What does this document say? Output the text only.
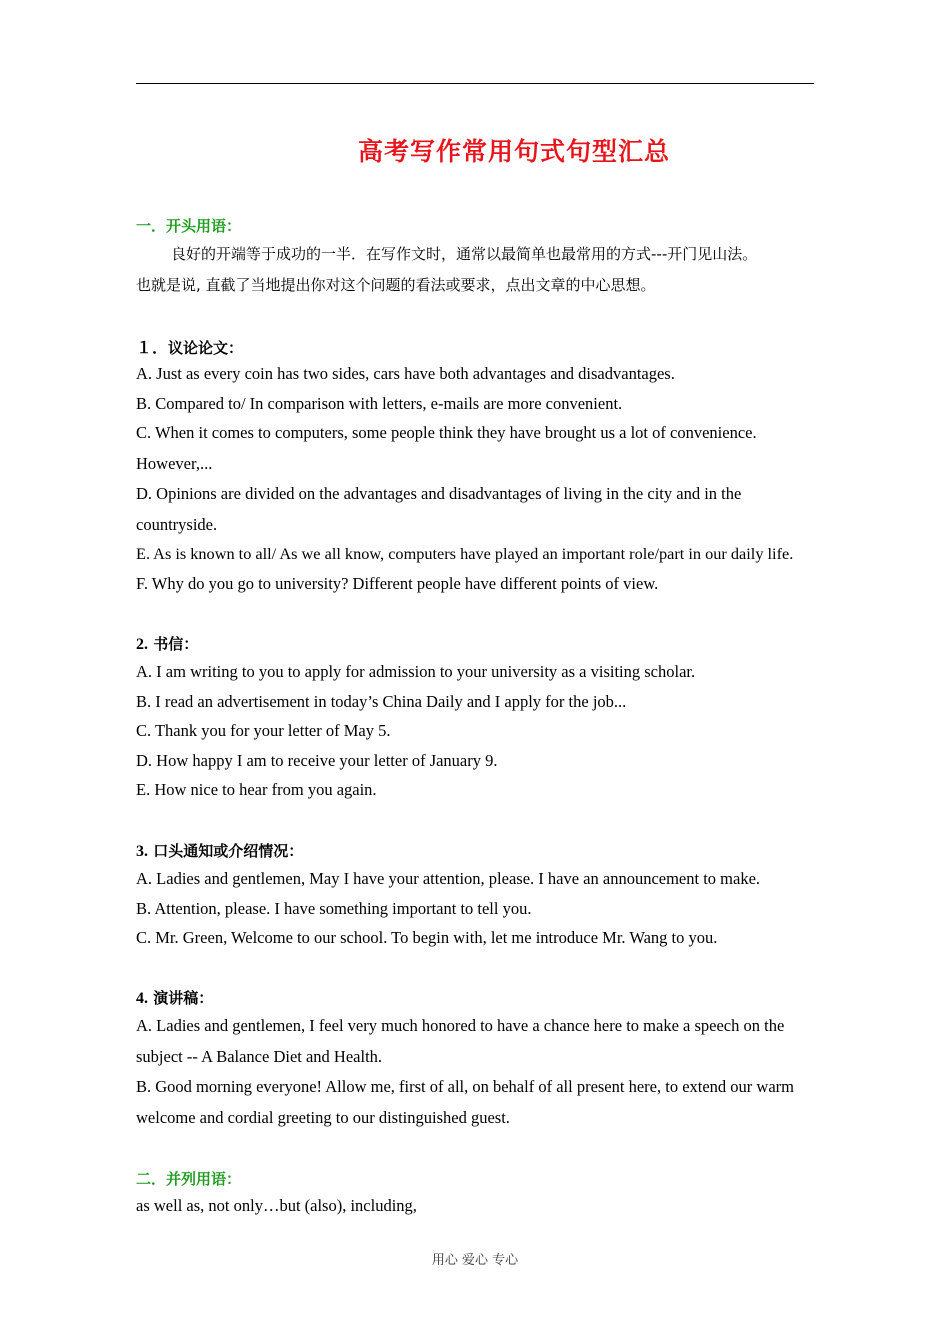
高考写作常用句式句型汇总
一．开头用语：
良好的开端等于成功的一半．在写作文时，通常以最简单也最常用的方式---开门见山法。
也就是说, 直截了当地提出你对这个问题的看法或要求，点出文章的中心思想。
１．议论论文：
A. Just as every coin has two sides, cars have both advantages and disadvantages.
B. Compared to/ In comparison with letters, e-mails are more convenient.
C. When it comes to computers, some people think they have brought us a lot of convenience.
However,...
D. Opinions are divided on the advantages and disadvantages of living in the city and in the
countryside.
E. As is known to all/ As we all know, computers have played an important role/part in our daily life.
F. Why do you go to university? Different people have different points of view.
2. 书信：
A. I am writing to you to apply for admission to your university as a visiting scholar.
B. I read an advertisement in today’s China Daily and I apply for the job...
C. Thank you for your letter of May 5.
D. How happy I am to receive your letter of January 9.
E. How nice to hear from you again.
3. 口头通知或介绍情况：
A. Ladies and gentlemen, May I have your attention, please. I have an announcement to make.
B. Attention, please. I have something important to tell you.
C. Mr. Green, Welcome to our school. To begin with, let me introduce Mr. Wang to you.
4. 演讲稿：
A. Ladies and gentlemen, I feel very much honored to have a chance here to make a speech on the
subject -- A Balance Diet and Health.
B. Good morning everyone! Allow me, first of all, on behalf of all present here, to extend our warm
welcome and cordial greeting to our distinguished guest.
二．并列用语：
as well as, not only…but (also), including,
用心 爱心 专心
